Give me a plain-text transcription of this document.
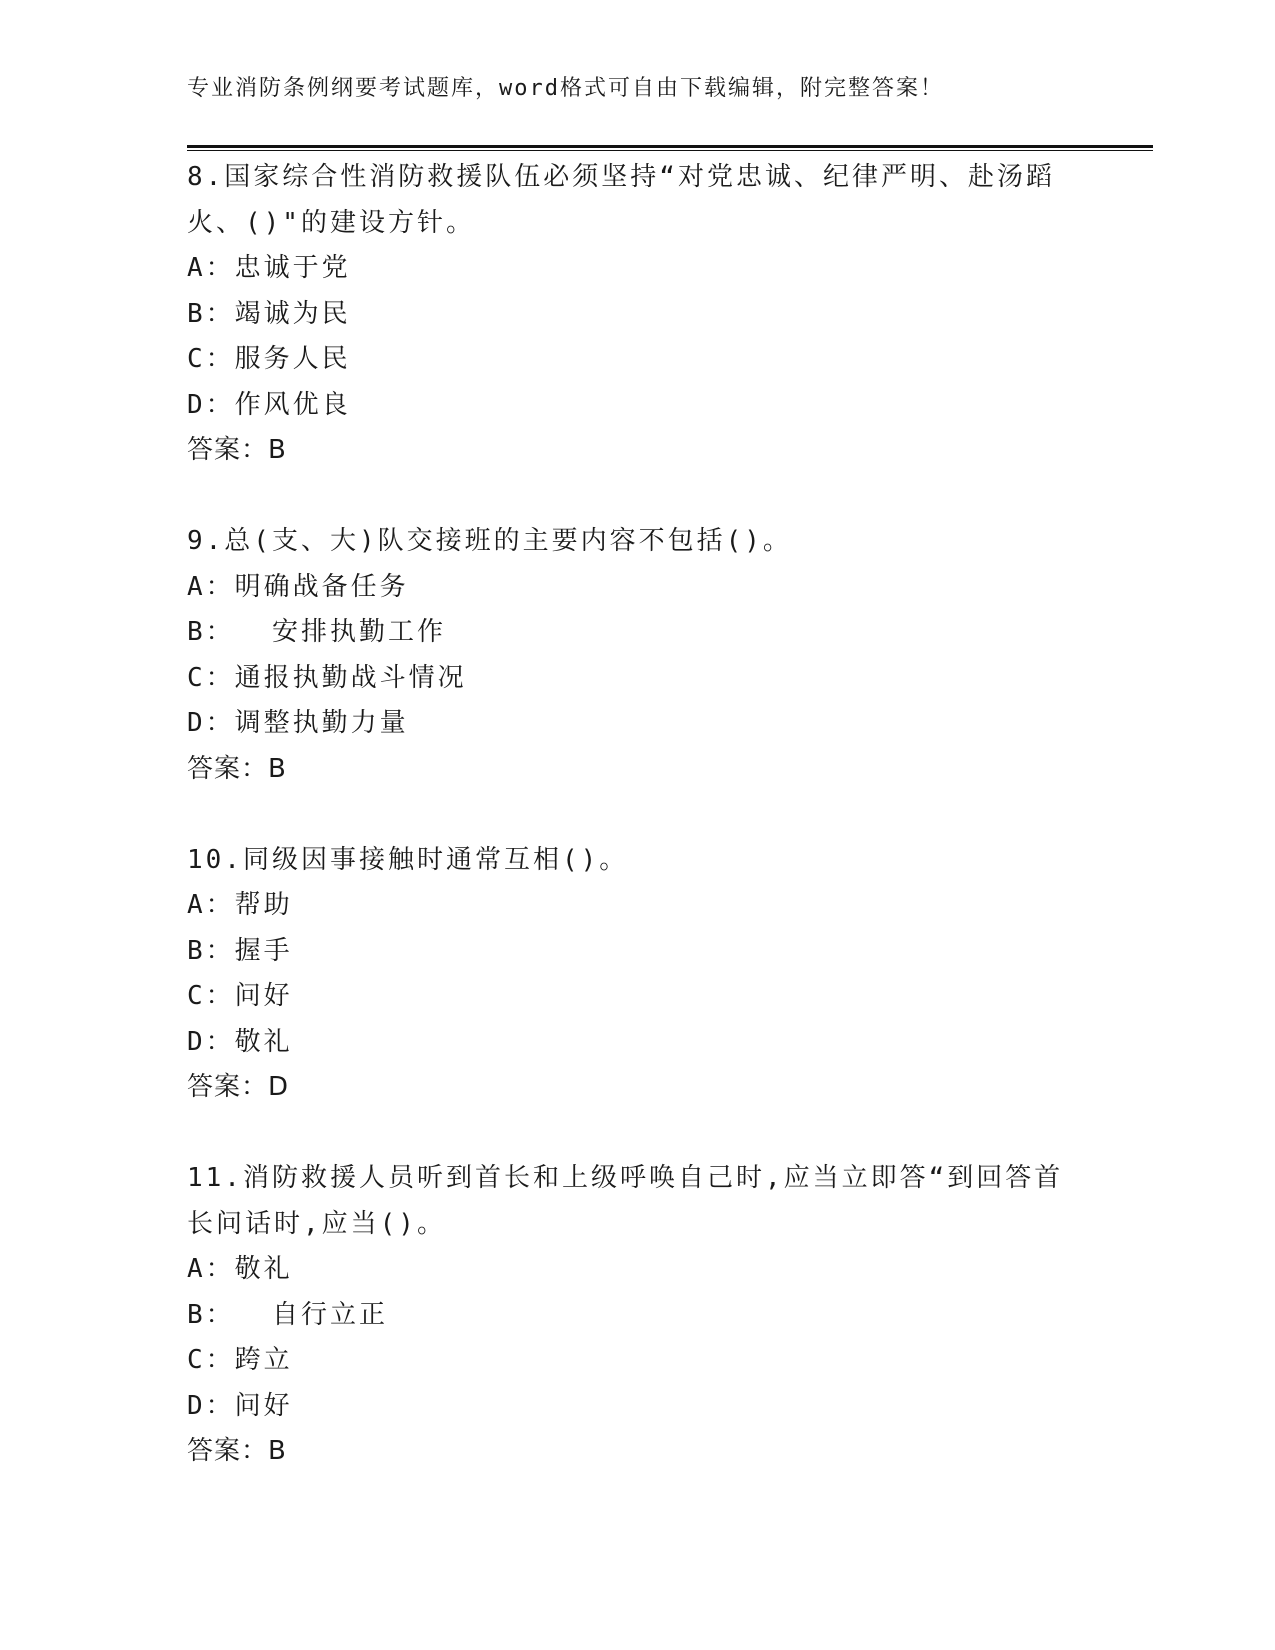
专业消防条例纲要考试题库，word格式可自由下载编辑，附完整答案！
8.国家综合性消防救援队伍必须坚持“对党忠诚、纪律严明、赴汤蹈
火、()"的建设方针。
A：忠诚于党
B：竭诚为民
C：服务人民
D：作风优良
答案：B
9.总(支、大)队交接班的主要内容不包括()。
A：明确战备任务
B：  安排执勤工作
C：通报执勤战斗情况
D：调整执勤力量
答案：B
10.同级因事接触时通常互相()。
A：帮助
B：握手
C：问好
D：敬礼
答案：D
11.消防救援人员听到首长和上级呼唤自己时,应当立即答“到回答首
长问话时,应当()。
A：敬礼
B：  自行立正
C：跨立
D：问好
答案：B
